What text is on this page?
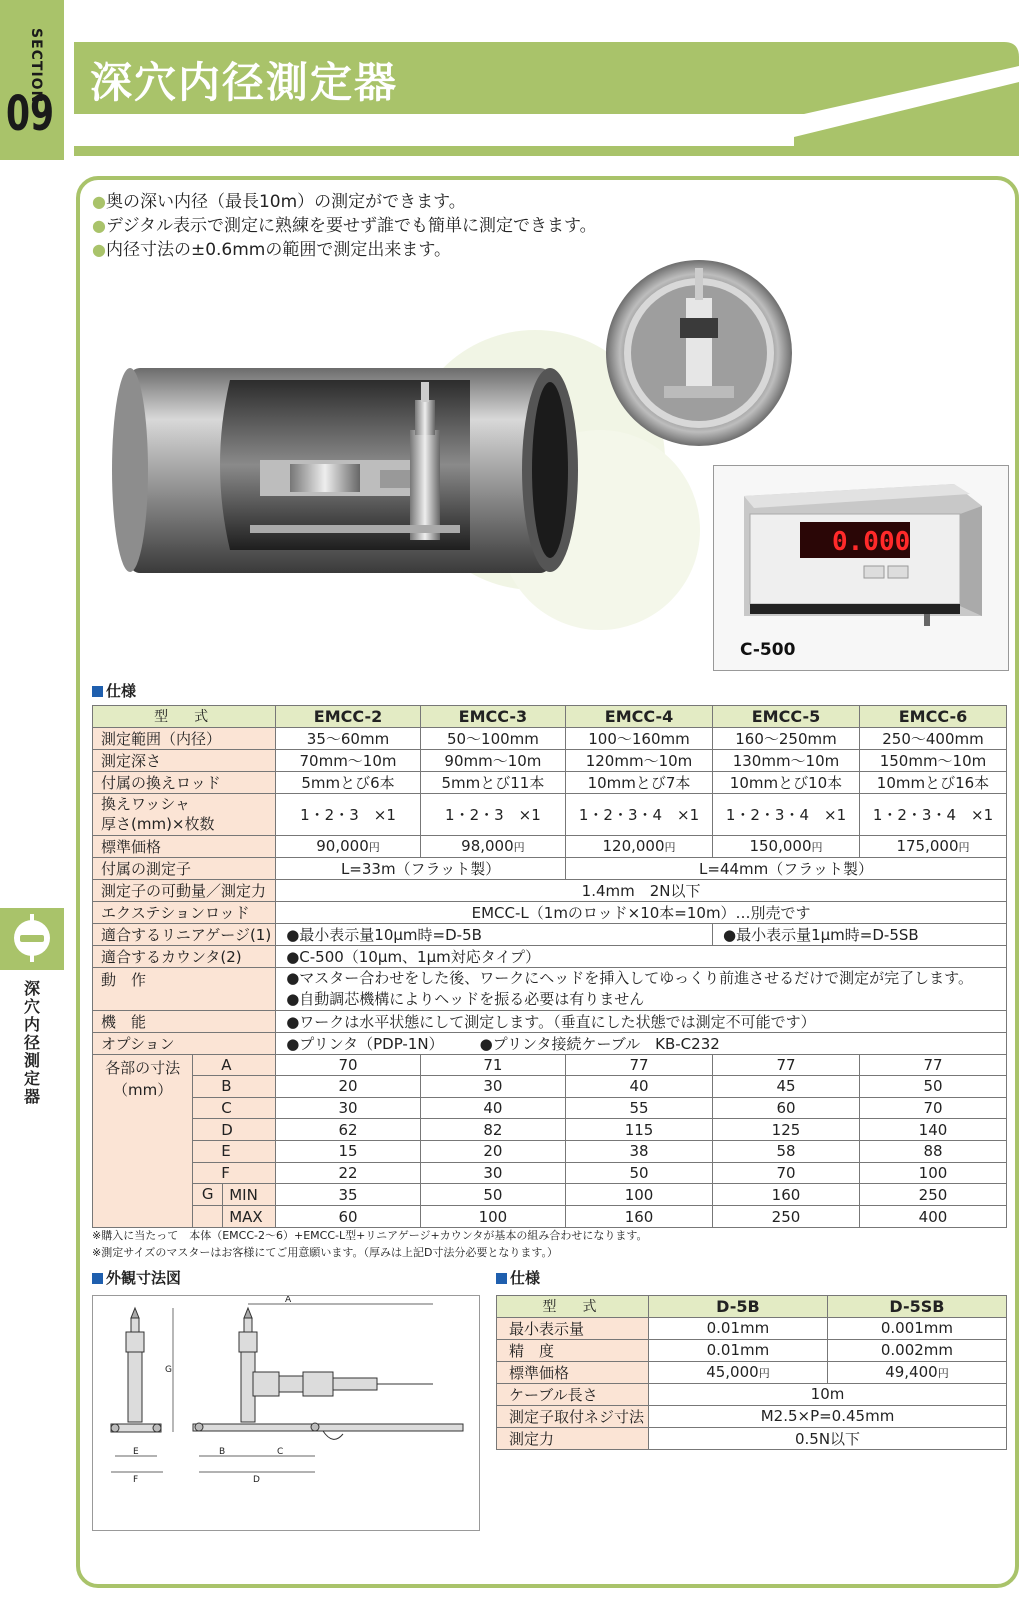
SECTION
09
深穴内径測定器
深穴内径測定器
●奥の深い内径（最長10m）の測定ができます。
●デジタル表示で測定に熟練を要せず誰でも簡単に測定できます。
●内径寸法の±0.6mmの範囲で測定出来ます。
0.000
C-500
仕様
型　式		EMCC-2	EMCC-3	EMCC-4	EMCC-5	EMCC-6
測定範囲（内径）		35～60mm	50～100mm	100～160mm	160～250mm	250～400mm
測定深さ		70mm～10m	90mm～10m	120mm～10m	130mm～10m	150mm～10m
付属の換えロッド		5mmとび6本	5mmとび11本	10mmとび7本	10mmとび10本	10mmとび16本

換えワッシャ
厚さ(mm)×枚数		1・2・3　×1	1・2・3　×1	1・2・3・4　×1	1・2・3・4　×1	1・2・3・4　×1
標準価格		90,000円	98,000円	120,000円	150,000円	175,000円
付属の測定子		L=33m（フラット製）		L=44mm（フラット製）		
測定子の可動量／測定力		1.4mm　2N以下				
エクステションロッド		EMCC-L（1mのロッド×10本=10m）…別売です				
適合するリニアゲージ(1)		●最小表示量10μm時=D-5B			●最小表示量1μm時=D-5SB	
適合するカウンタ(2)		●C-500（10μm、1μm対応タイプ）				
動　作		●マスター合わせをした後、ワークにヘッドを挿入してゆっくり前進させるだけで測定が完了します。
●自動調芯機構によりヘッドを振る必要は有りません				

機　能		●ワークは水平状態にして測定します。（垂直にした状態では測定不可能です）				
オプション		●プリンタ（PDP-1N） ●プリンタ接続ケーブル　KB-C232				

各部の寸法
（mm）	A	70	71	77	77	77
	B	20	30	40	45	50
	C	30	40	55	60	70
	D	62	82	115	125	140
	E	15	20	38	58	88
	F	22	30	50	70	100

	G MIN	35	50	100	160	250

	MAX	60	100	160	250	400
※購入に当たって　本体（EMCC-2～6）+EMCC-L型+リニアゲージ+カウンタが基本の組み合わせになります。
※測定サイズのマスターはお客様にてご用意願います。（厚みは上記D寸法分必要となります。）
外観寸法図
A
G
E
F
B	C
D
仕様
型　式	D-5B	D-5SB
最小表示量	0.01mm	0.001mm
精　度	0.01mm	0.002mm
標準価格	45,000円	49,400円
ケーブル長さ	10m	
測定子取付ネジ寸法	M2.5×P=0.45mm	
測定力	0.5N以下	
